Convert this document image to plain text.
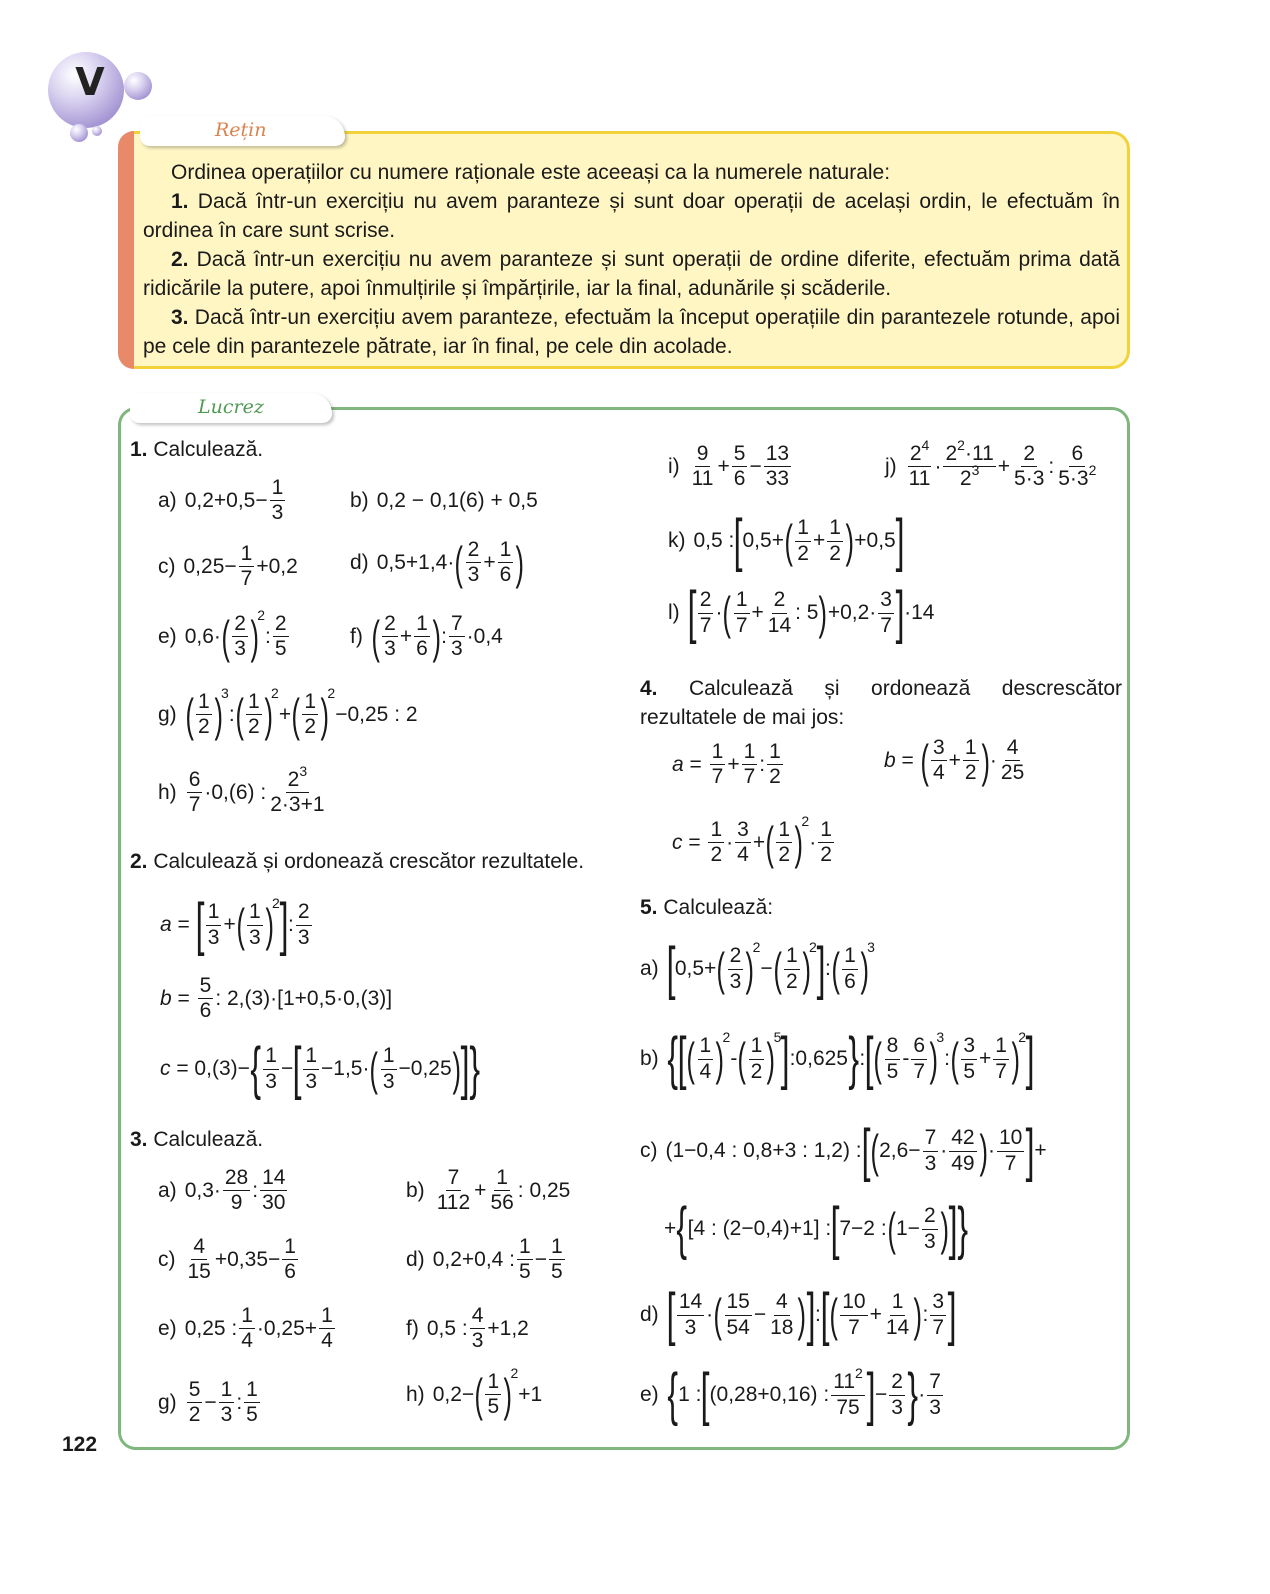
V
Rețin

Ordinea operațiilor cu numere raționale este aceeași ca la numerele naturale:

1. Dacă într-un exercițiu nu avem paranteze și sunt doar operații de același ordin, le efectuăm în ordinea în care sunt scrise.

2. Dacă într-un exercițiu nu avem paranteze și sunt operații de ordine diferite, efectuăm prima dată ridicările la putere, apoi înmulțirile și împărțirile, iar la final, adunările și scăderile.

3. Dacă într-un exercițiu avem paranteze, efectuăm la început operațiile din parantezele rotunde, apoi pe cele din parantezele pătrate, iar în final, pe cele din acolade.

Lucrez
1. Calculează.
a) 0,2+0,5−
1
3
b) 0,2 − 0,1(6) + 0,5
c) 0,25−
1
7
+0,2 d) 0,5+1,4· ( 2
3
+
1
6 )
e) 0,6· ( 2
3 )
2
:
2
5
f) ( 2
3
+
1
6 ) :
7
3
·0,4
g) ( 1
2 )
3
: ( 1
2 )
2
+ ( 1
2 )
2
−0,25 : 2
h)
6
7
·0,(6) :
$2^3$
2·3+1
2. Calculează și ordonează crescător rezultatele.
a = [ 1
3
+ ( 1
3 )
2 ] :
2
3
b =
5
6
: 2,(3)·[1+0,5·0,(3)]
c = 0,(3)− { 1
3
− [ 1
3
−1,5· ( 1
3
−0,25 ) ] }
3. Calculează.
a) 0,3·
28
9
:
14
30
b)
7
112
+
1
56
: 0,25
c)
4
15
+0,35−
1
6
d) 0,2+0,4 :
1
5
−
1
5
e) 0,25 :
1
4
·0,25+
1
4
f) 0,5 :
4
3
+1,2
g)
5
2
−
1
3
:
1
5
h) 0,2− ( 1
5 )
2
+1
i)
9
11
+
5
6
−
13
33
j)
$2^4$
11
·
$2^2\cdot 11$
$2^3$ +
2
5·3
:
6
$5\cdot 3^2$
k) 0,5 : [ 0,5+ ( 1
2
+
1
2 ) +0,5 ]
l) [ 2
7
· ( 1
7
+
2
14
: 5 ) +0,2·
3
7 ] ·14
4. Calculează și ordonează descrescător rezultatele de mai jos:
a =
1
7
+
1
7
:
1
2
b = ( 3
4
+
1
2 ) ·
4
25
c =
1
2
·
3
4
+ ( 1
2 )
2
·
1
2
5. Calculează:
a) [ 0,5+ ( 2
3 )
2
− ( 1
2 )
2 ] : ( 1
6 )
3
b) { [ ( 1
4 )
2
- ( 1
2 )
5 ] :0,625 } : [ ( 8
5
-
6
7 )
3
: ( 3
5
+
1
7 )
2 ]
c) (1−0,4 : 0,8+3 : 1,2) : [ ( 2,6−
7
3
·
42
49 ) ·
10
7 ] +
+ { [4 : (2−0,4)+1] : [ 7−2 : ( 1−
2
3 ) ] }
d) [ 14
3
· ( 15
54
−
4
18 ) ] : [ ( 10
7
+
1
14 ) :
3
7 ]
e) { 1 : [ (0,28+0,16) :
$11^2$
75 ] −
2
3 } ·
7
3
122
